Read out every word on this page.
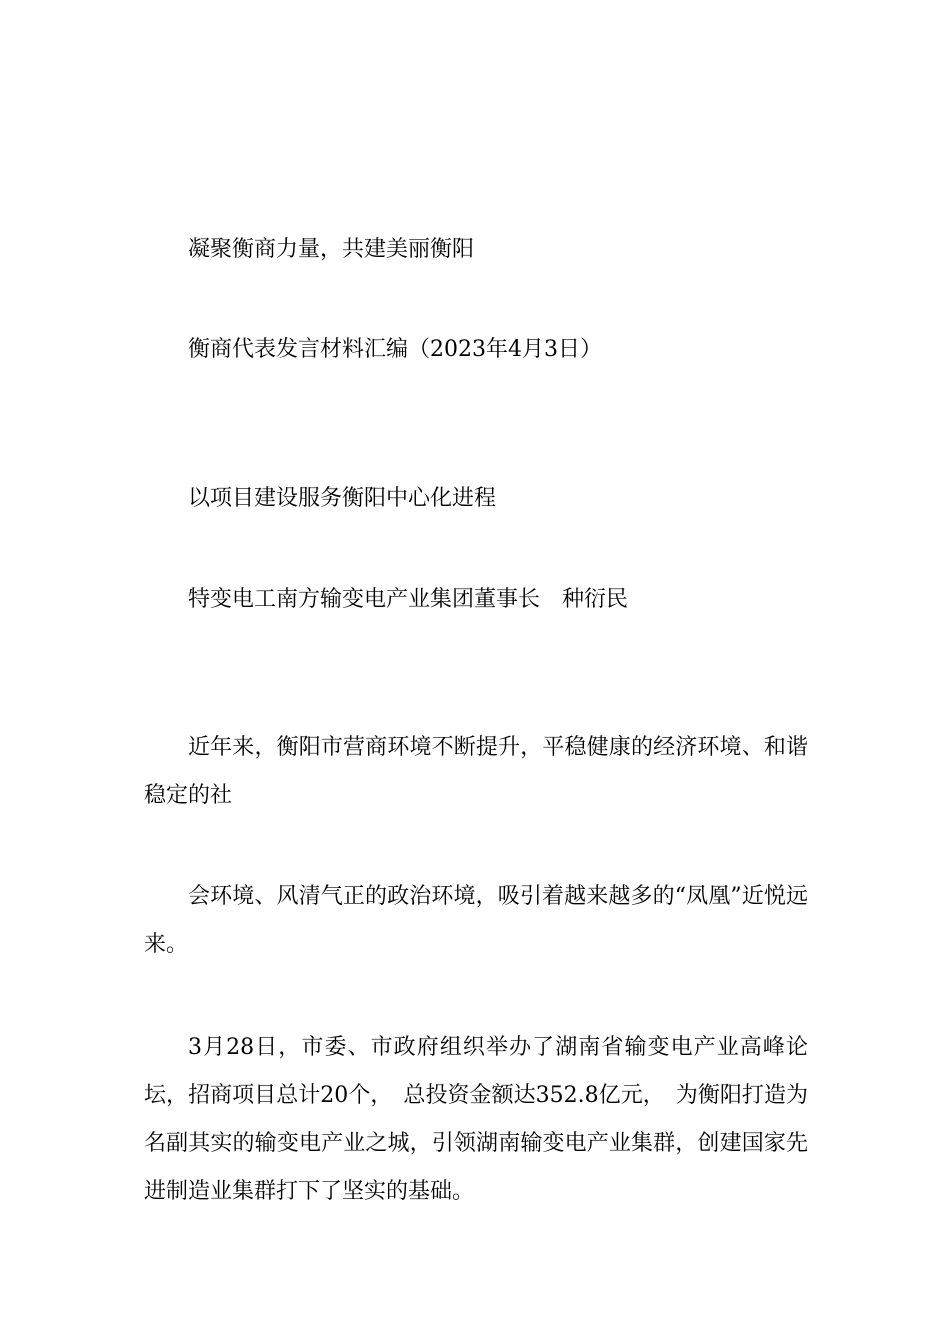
凝聚衡商力量，共建美丽衡阳

衡商代表发言材料汇编（2023年4月3日）

以项目建设服务衡阳中心化进程

特变电工南方输变电产业集团董事长　种衍民

近年来，衡阳市营商环境不断提升，平稳健康的经济环境、和谐稳定的社

会环境、风清气正的政治环境，吸引着越来越多的“凤凰”近悦远来。

3月28日，市委、市政府组织举办了湖南省输变电产业高峰论坛，招商项目总计20个，　总投资金额达352.8亿元，　为衡阳打造为名副其实的输变电产业之城，引领湖南输变电产业集群，创建国家先进制造业集群打下了坚实的基础。
